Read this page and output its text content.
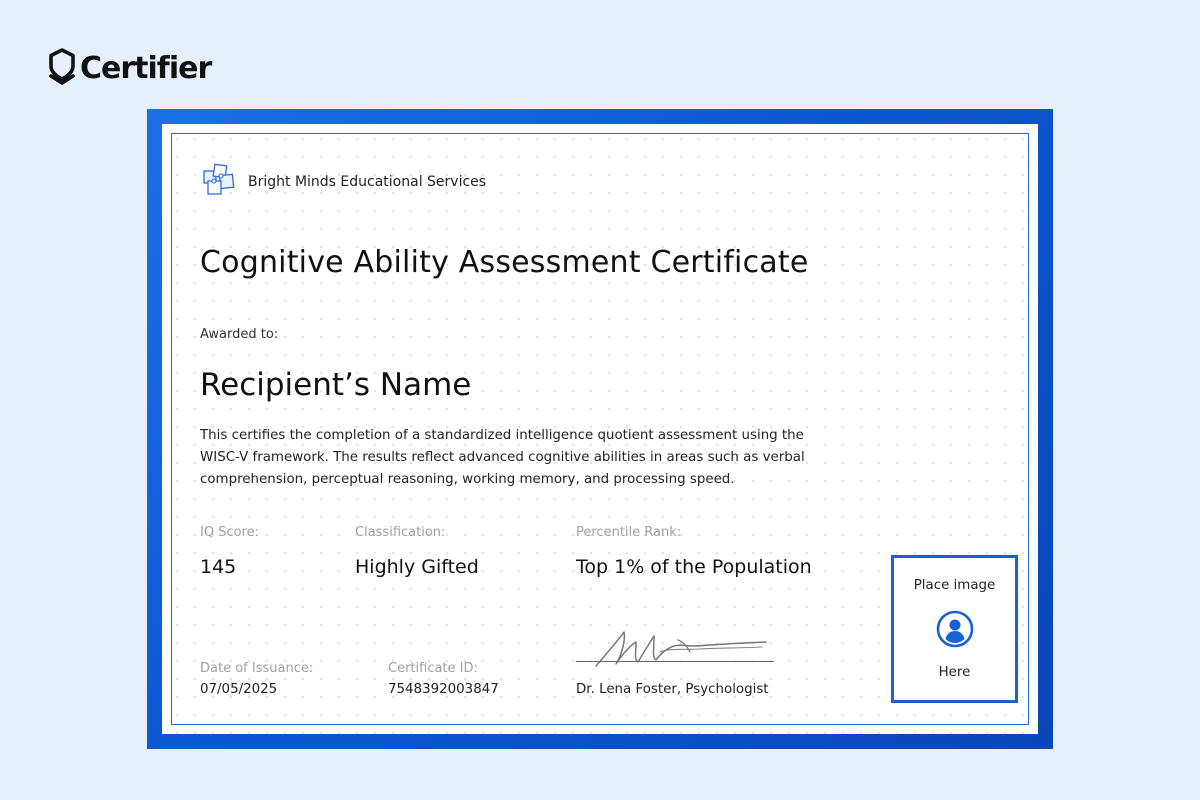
Certifier
Bright Minds Educational Services
Cognitive Ability Assessment Certificate
Awarded to:
Recipient’s Name
This certifies the completion of a standardized intelligence quotient assessment using the WISC-V framework. The results reflect advanced cognitive abilities in areas such as verbal comprehension, perceptual reasoning, working memory, and processing speed.
IQ Score:
145
Classification:
Highly Gifted
Percentile Rank:
Top 1% of the Population
Date of Issuance:
07/05/2025
Certificate ID:
7548392003847	Dr. Lena Foster, Psychologist
Place image
Here
